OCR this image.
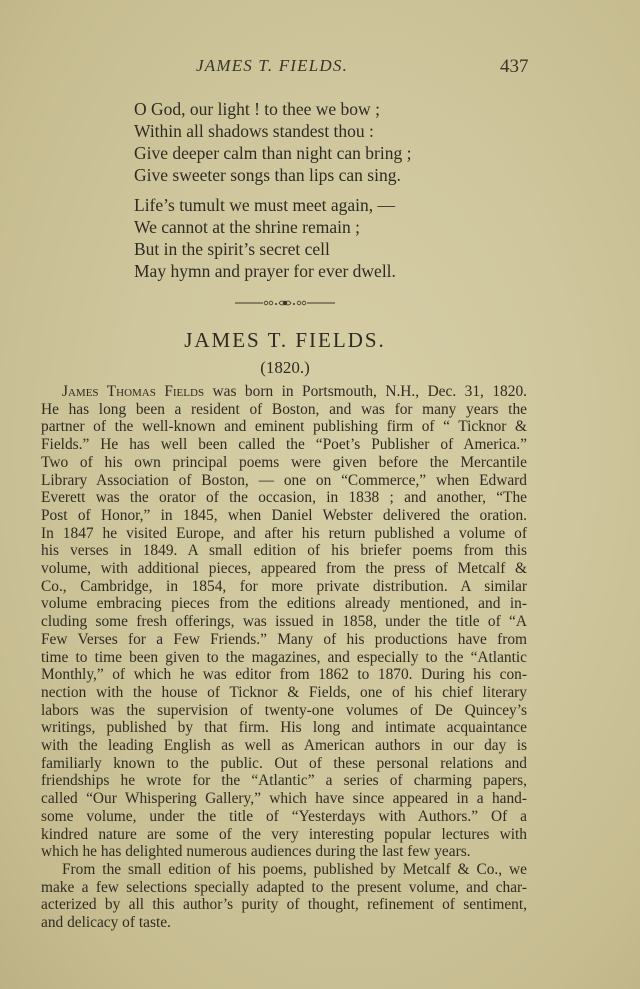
JAMES T. FIELDS.	437
O God, our light ! to thee we bow ;
Within all shadows standest thou :
Give deeper calm than night can bring ;
Give sweeter songs than lips can sing.
Life’s tumult we must meet again, —
We cannot at the shrine remain ;
But in the spirit’s secret cell
May hymn and prayer for ever dwell.
JAMES T. FIELDS.
(1820.)
James Thomas Fields was born in Portsmouth, N.H., Dec. 31, 1820.
He has long been a resident of Boston, and was for many years the
partner of the well-known and eminent publishing firm of “ Ticknor &
Fields.” He has well been called the “Poet’s Publisher of America.”
Two of his own principal poems were given before the Mercantile
Library Association of Boston, — one on “Commerce,” when Edward
Everett was the orator of the occasion, in 1838 ; and another, “The
Post of Honor,” in 1845, when Daniel Webster delivered the oration.
In 1847 he visited Europe, and after his return published a volume of
his verses in 1849. A small edition of his briefer poems from this
volume, with additional pieces, appeared from the press of Metcalf &
Co., Cambridge, in 1854, for more private distribution. A similar
volume embracing pieces from the editions already mentioned, and in-
cluding some fresh offerings, was issued in 1858, under the title of “A
Few Verses for a Few Friends.” Many of his productions have from
time to time been given to the magazines, and especially to the “Atlantic
Monthly,” of which he was editor from 1862 to 1870. During his con-
nection with the house of Ticknor & Fields, one of his chief literary
labors was the supervision of twenty-one volumes of De Quincey’s
writings, published by that firm. His long and intimate acquaintance
with the leading English as well as American authors in our day is
familiarly known to the public. Out of these personal relations and
friendships he wrote for the “Atlantic” a series of charming papers,
called “Our Whispering Gallery,” which have since appeared in a hand-
some volume, under the title of “Yesterdays with Authors.” Of a
kindred nature are some of the very interesting popular lectures with
which he has delighted numerous audiences during the last few years.
From the small edition of his poems, published by Metcalf & Co., we
make a few selections specially adapted to the present volume, and char-
acterized by all this author’s purity of thought, refinement of sentiment,
and delicacy of taste.
